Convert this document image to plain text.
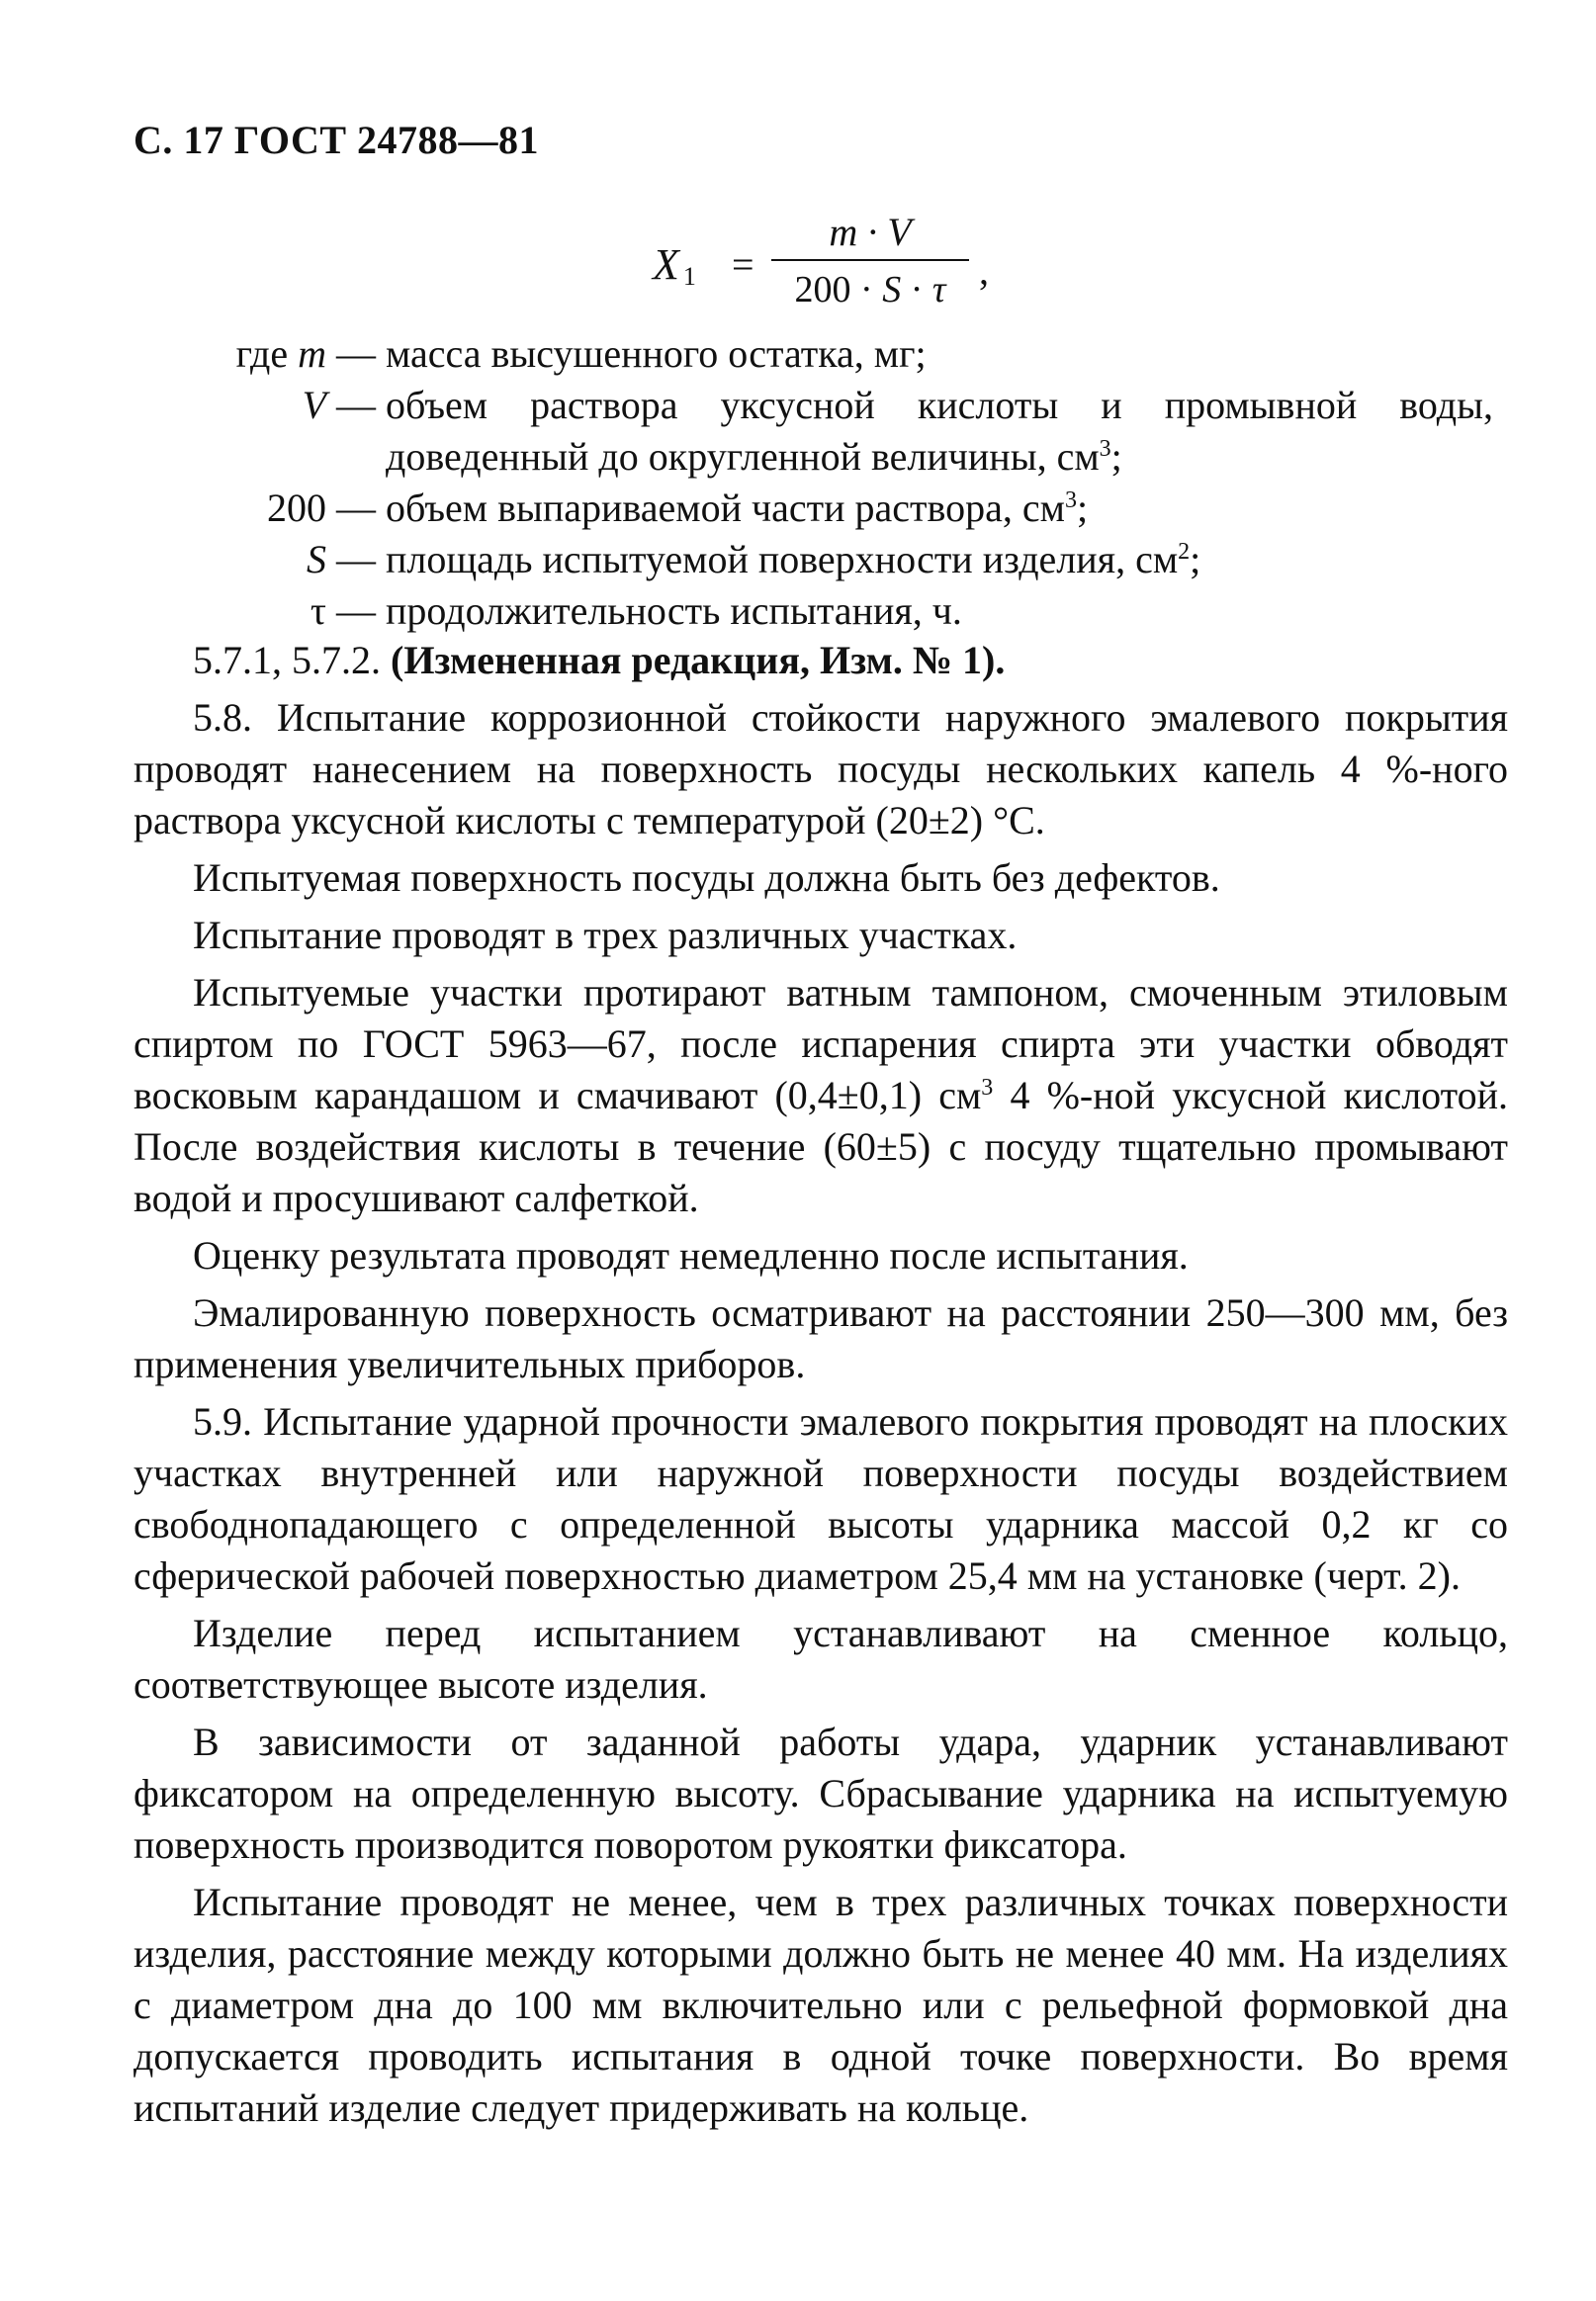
С. 17 ГОСТ 24788—81
X $_1$ =
m · V
200 · S · τ ,
где m — масса высушенного остатка, мг;
V — объем раствора уксусной кислоты и промывной воды, доведенный до округленной величины, $см^3$;
200 — объем выпариваемой части раствора, $см^3$;
S — площадь испытуемой поверхности изделия, $см^2$;
τ — продолжительность испытания, ч.

5.7.1, 5.7.2. (Измененная редакция, Изм. № 1).

5.8. Испытание коррозионной стойкости наружного эмалевого покрытия проводят нанесением на поверхность посуды нескольких капель 4 %-ного раствора уксусной кислоты с температурой (20±2) °С.

Испытуемая поверхность посуды должна быть без дефектов.

Испытание проводят в трех различных участках.

Испытуемые участки протирают ватным тампоном, смоченным этиловым спиртом по ГОСТ 5963—67, после испарения спирта эти участки обводят восковым карандашом и смачивают (0,4±0,1) $см^3$ 4 %-ной уксусной кислотой. После воздействия кислоты в течение (60±5) с посуду тщательно промывают водой и просушивают салфеткой.

Оценку результата проводят немедленно после испытания.

Эмалированную поверхность осматривают на расстоянии 250—300 мм, без применения увеличительных приборов.

5.9. Испытание ударной прочности эмалевого покрытия проводят на плоских участках внутренней или наружной поверхности посуды воздействием свободнопадающего с определенной высоты ударника массой 0,2 кг со сферической рабочей поверхностью диаметром 25,4 мм на установке (черт. 2).

Изделие перед испытанием устанавливают на сменное кольцо, соответствующее высоте изделия.

В зависимости от заданной работы удара, ударник устанавливают фиксатором на определенную высоту. Сбрасывание ударника на испытуемую поверхность производится поворотом рукоятки фиксатора.

Испытание проводят не менее, чем в трех различных точках поверхности изделия, расстояние между которыми должно быть не менее 40 мм. На изделиях с диаметром дна до 100 мм включительно или с рельефной формовкой дна допускается проводить испытания в одной точке поверхности. Во время испытаний изделие следует придерживать на кольце.
